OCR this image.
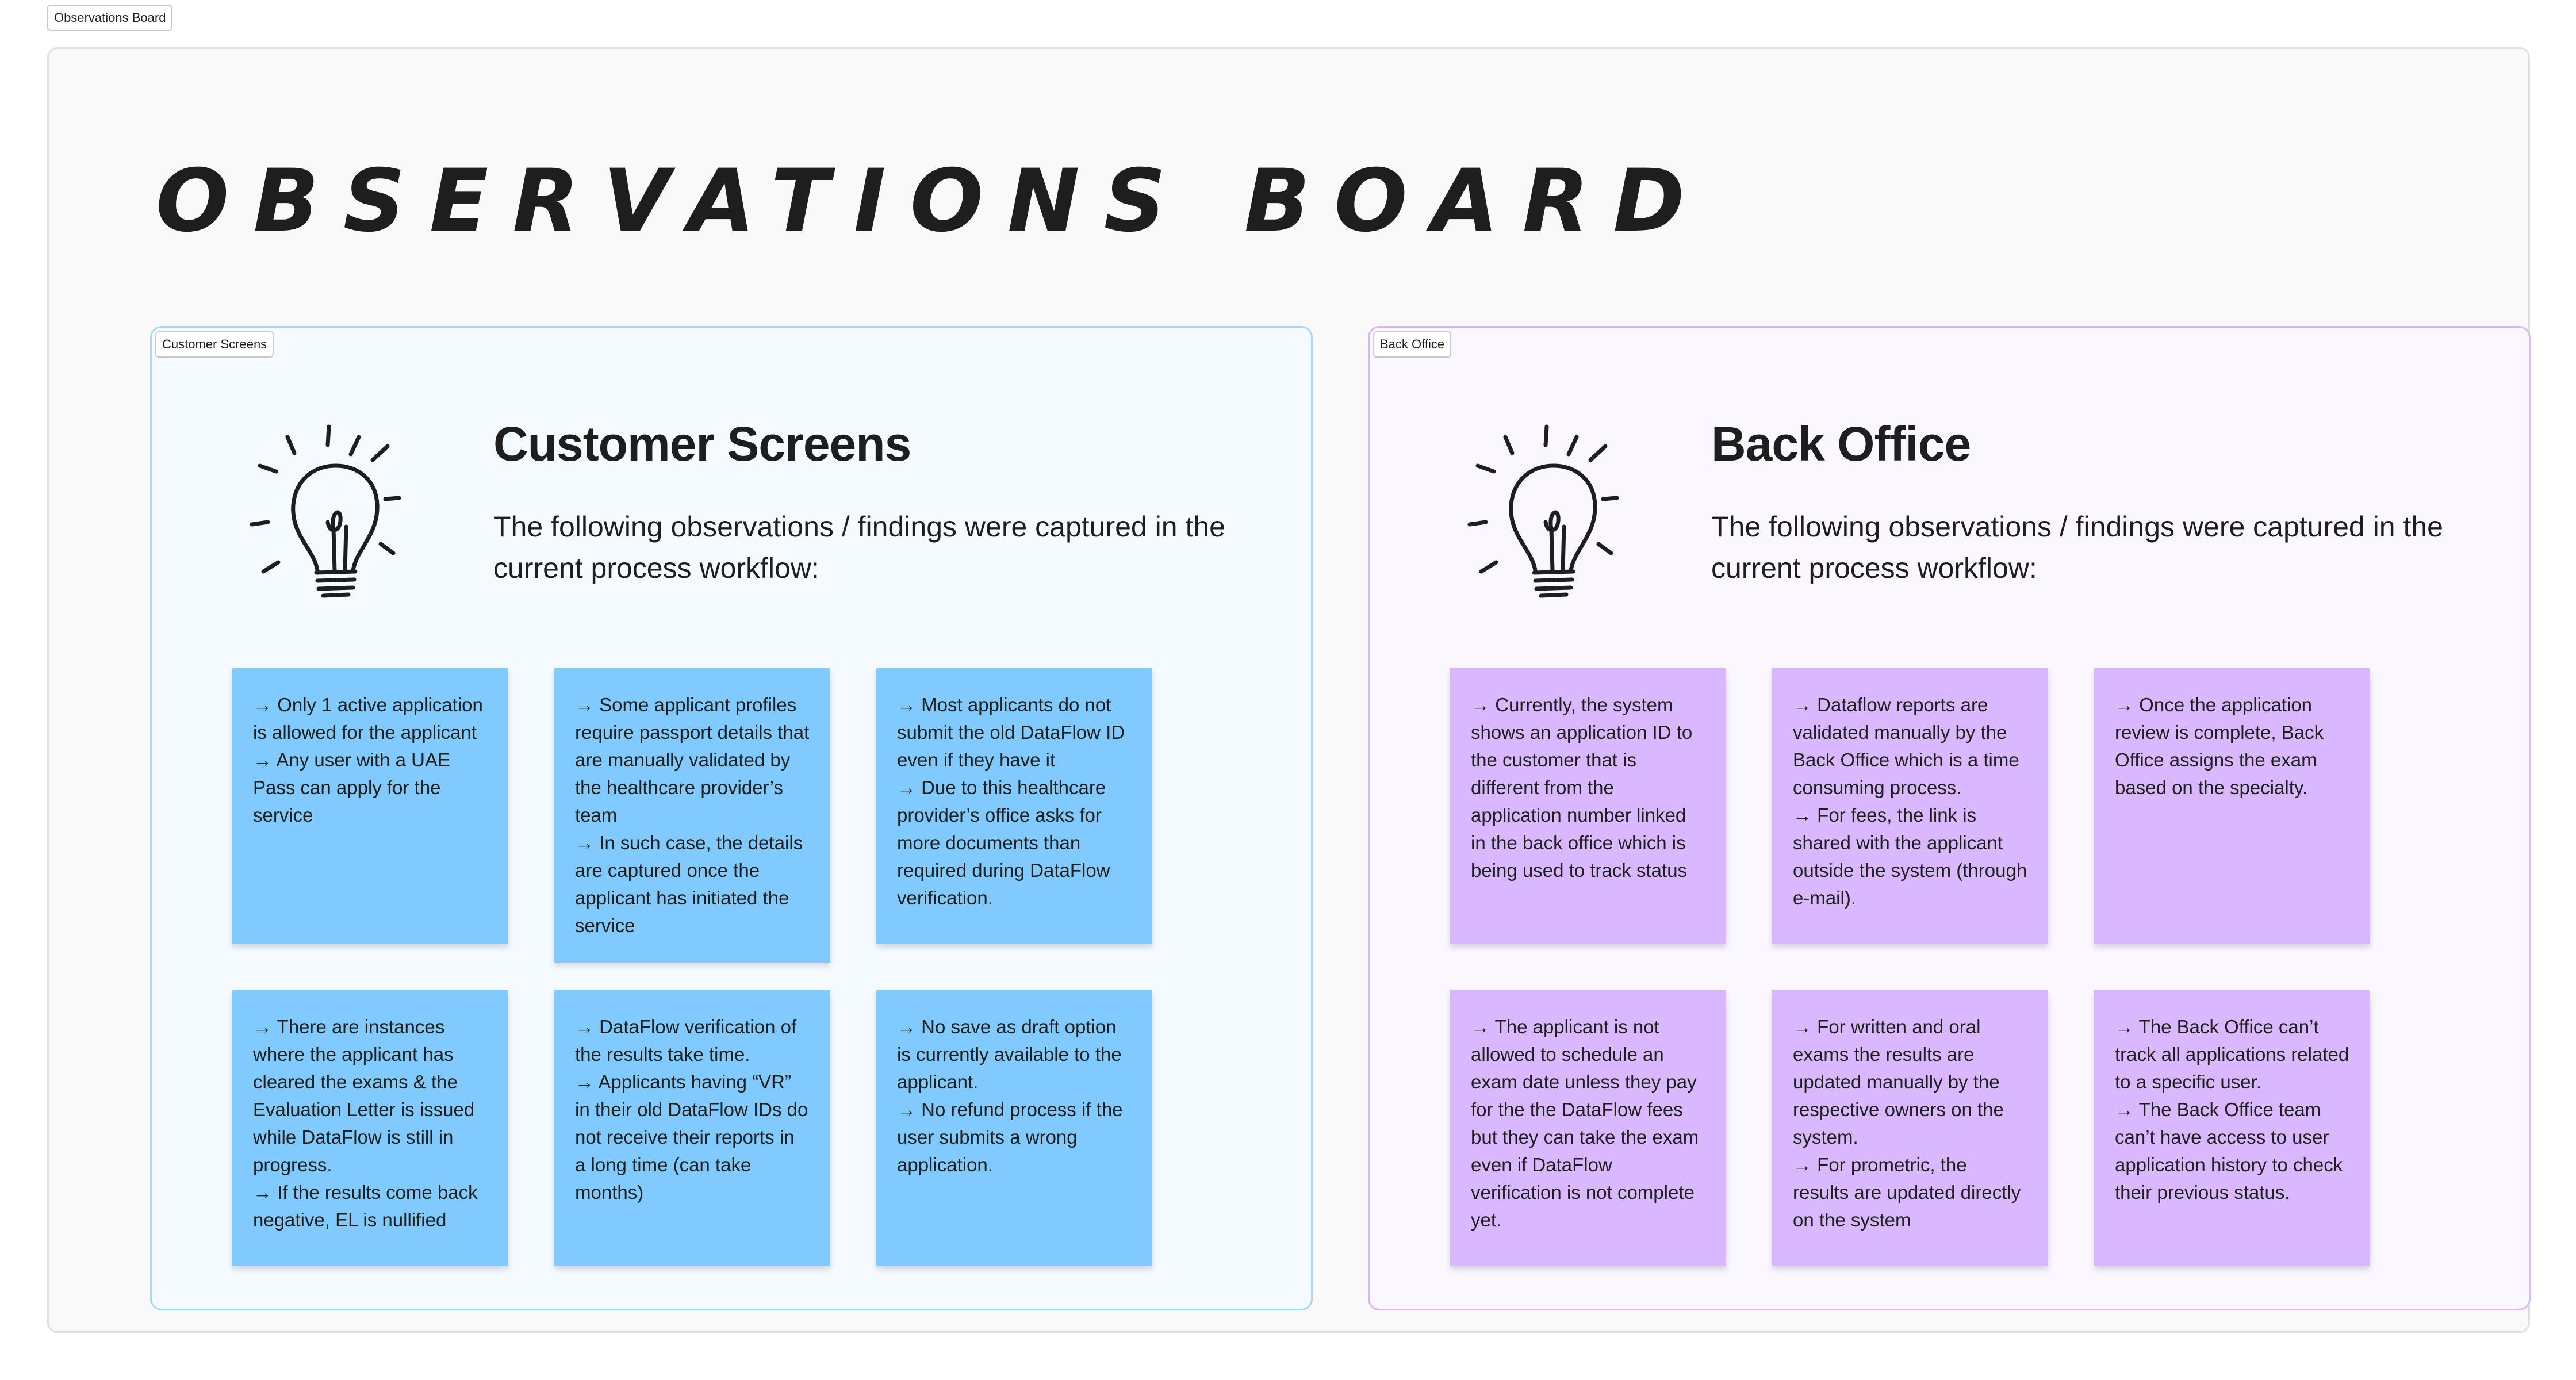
Observations Board
OBSERVATIONS BOARD
Customer Screens
Customer Screens

The following observations / findings were captured in the current process workflow:

→ Only 1 active application is allowed for the applicant

→ Any user with a UAE Pass can apply for the service

→ Some applicant profiles require passport details that are manually validated by the healthcare provider’s team

→ In such case, the details are captured once the applicant has initiated the service

→ Most applicants do not submit the old DataFlow ID even if they have it

→ Due to this healthcare provider’s office asks for more documents than required during DataFlow verification.

→ There are instances where the applicant has cleared the exams & the Evaluation Letter is issued while DataFlow is still in progress.

→ If the results come back negative, EL is nullified

→ DataFlow verification of the results take time.

→ Applicants having “VR” in their old DataFlow IDs do not receive their reports in a long time (can take months)

→ No save as draft option is currently available to the applicant.

→ No refund process if the user submits a wrong application.

Back Office
Back Office

The following observations / findings were captured in the current process workflow:

→ Currently, the system shows an application ID to the customer that is different from the application number linked in the back office which is being used to track status

→ Dataflow reports are validated manually by the Back Office which is a time consuming process.

→ For fees, the link is shared with the applicant outside the system (through e-mail).

→ Once the application review is complete, Back Office assigns the exam based on the specialty.

→ The applicant is not allowed to schedule an exam date unless they pay for the the DataFlow fees but they can take the exam even if DataFlow verification is not complete yet.

→ For written and oral exams the results are updated manually by the respective owners on the system.

→ For prometric, the results are updated directly on the system

→ The Back Office can’t track all applications related to a specific user.

→ The Back Office team can’t have access to user application history to check their previous status.
